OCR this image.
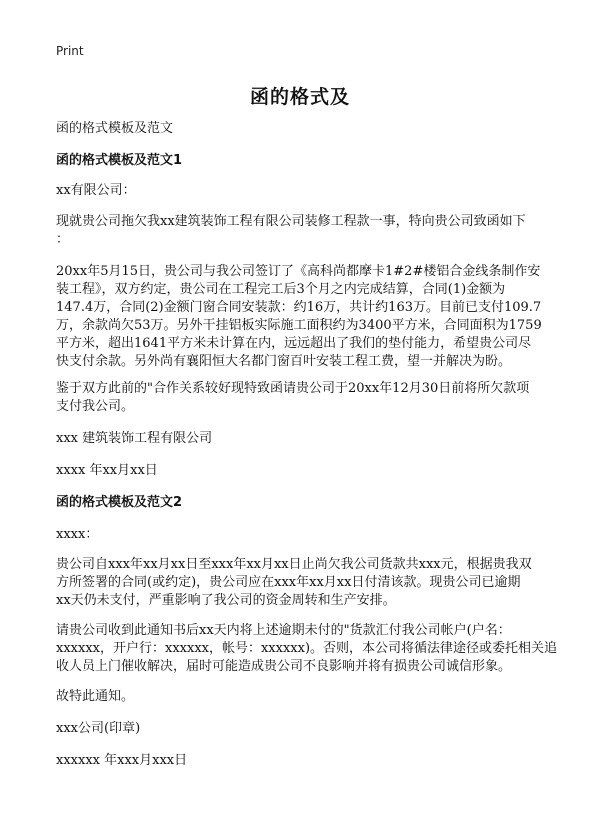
Print
函的格式及
函的格式模板及范文
函的格式模板及范文1
xx有限公司：
现就贵公司拖欠我xx建筑装饰工程有限公司装修工程款一事，特向贵公司致函如下
：
20xx年5月15日，贵公司与我公司签订了《高科尚都摩卡1#2#楼铝合金线条制作安
装工程》，双方约定，贵公司在工程完工后3个月之内完成结算，合同(1)金额为
147.4万，合同(2)金额门窗合同安装款：约16万，共计约163万。目前已支付109.7
万，余款尚欠53万。另外干挂铝板实际施工面积约为3400平方米，合同面积为1759
平方米，超出1641平方米未计算在内，远远超出了我们的垫付能力，希望贵公司尽
快支付余款。另外尚有襄阳恒大名都门窗百叶安装工程工费，望一并解决为盼。
鉴于双方此前的"合作关系较好现特致函请贵公司于20xx年12月30日前将所欠款项
支付我公司。
xxx 建筑装饰工程有限公司
xxxx 年xx月xx日
函的格式模板及范文2
xxxx：
贵公司自xxx年xx月xx日至xxx年xx月xx日止尚欠我公司货款共xxx元，根据贵我双
方所签署的合同(或约定)，贵公司应在xxx年xx月xx日付清该款。现贵公司已逾期
xx天仍未支付，严重影响了我公司的资金周转和生产安排。
请贵公司收到此通知书后xx天内将上述逾期未付的"货款汇付我公司帐户(户名：
xxxxxx，开户行：xxxxxx，帐号：xxxxxx)。否则，本公司将循法律途径或委托相关追
收人员上门催收解决，届时可能造成贵公司不良影响并将有损贵公司诚信形象。
故特此通知。
xxx公司(印章)
xxxxxx 年xxx月xxx日
